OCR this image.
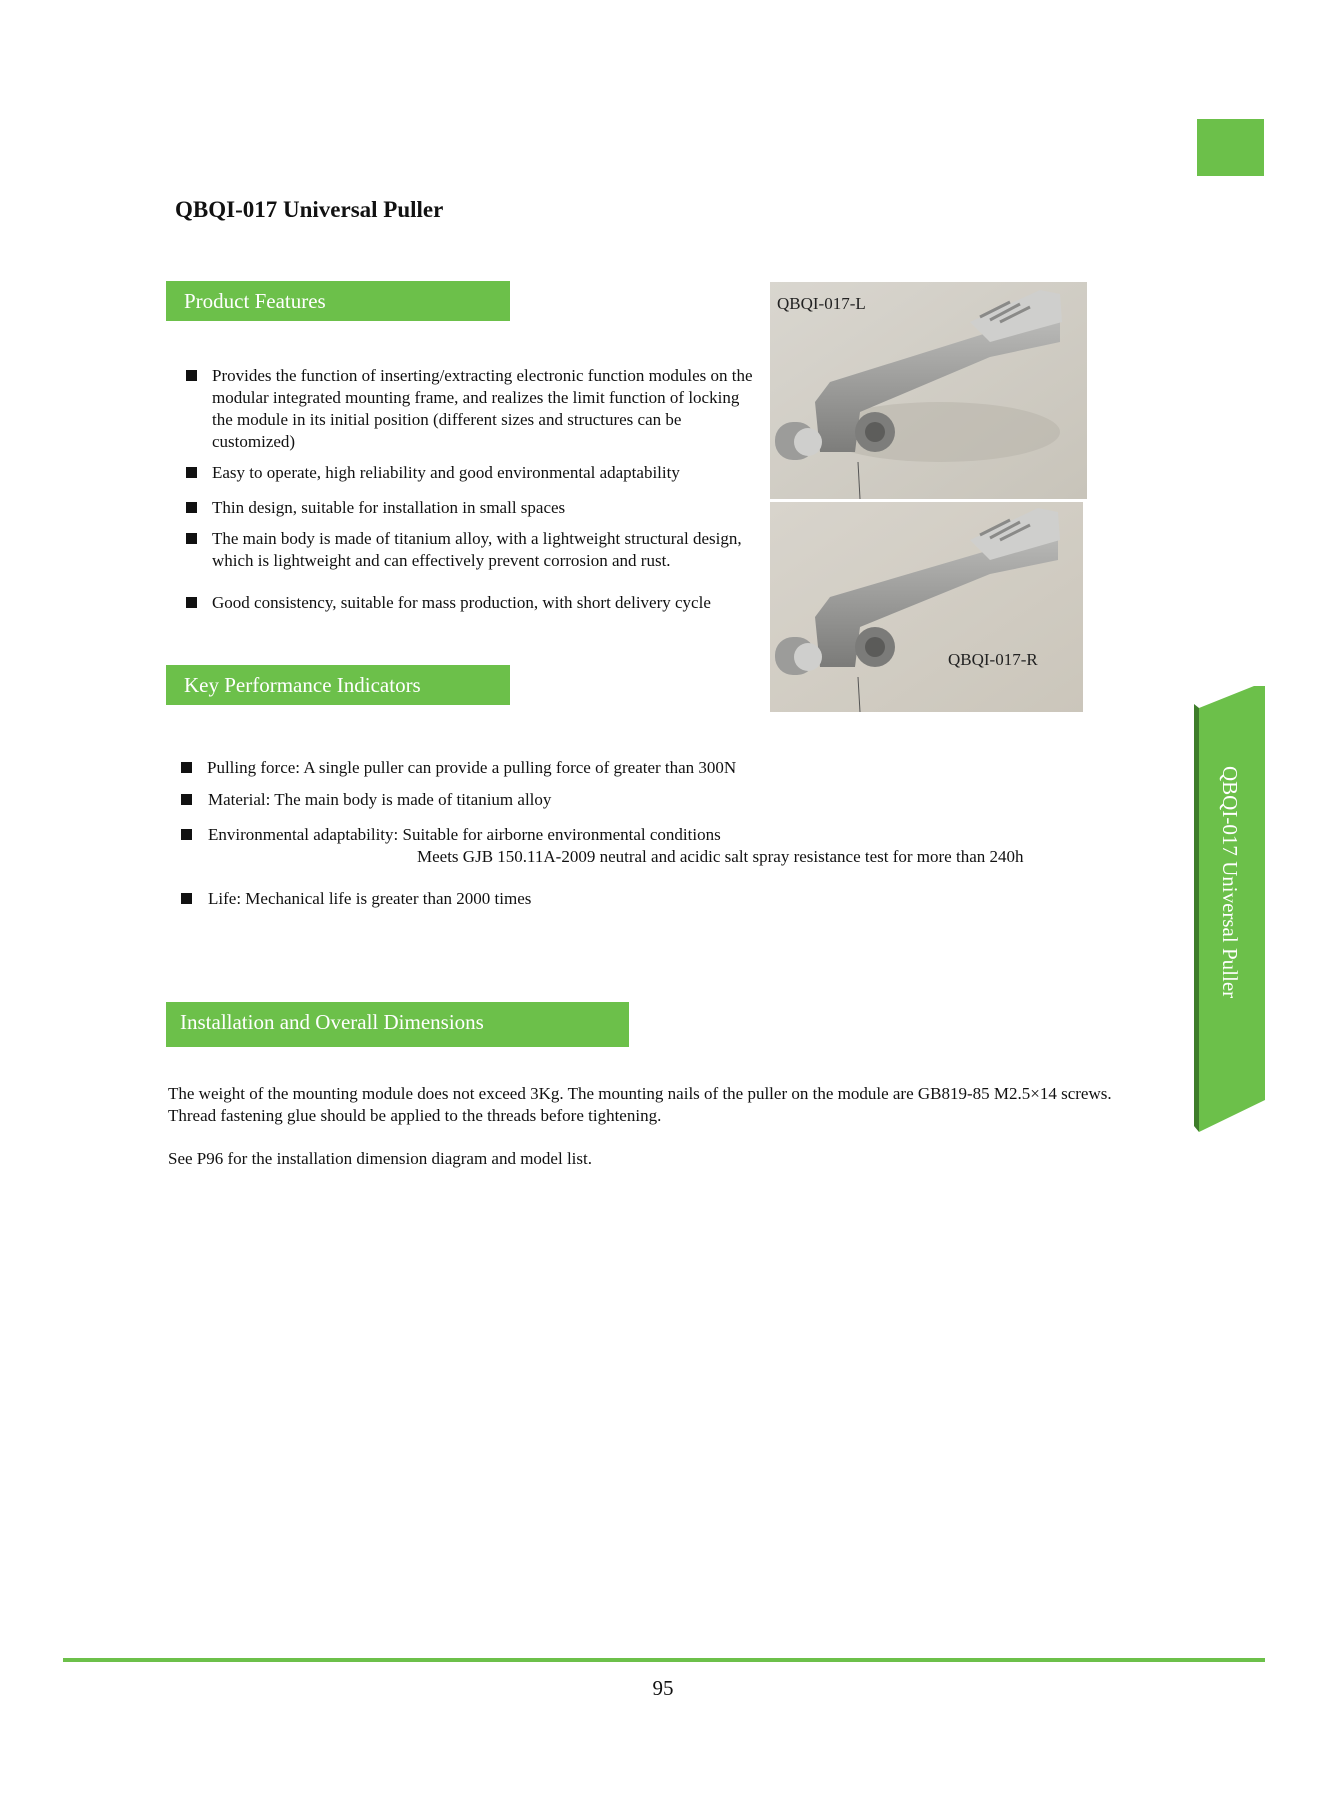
QBQI-017 Universal Puller
Product Features
Provides the function of inserting/extracting electronic function modules on the modular integrated mounting frame, and realizes the limit function of locking the module in its initial position (different sizes and structures can be customized)
Easy to operate, high reliability and good environmental adaptability
Thin design, suitable for installation in small spaces
The main body is made of titanium alloy, with a lightweight structural design, which is lightweight and can effectively prevent corrosion and rust.
Good consistency, suitable for mass production, with short delivery cycle
QBQI-017-L
QBQI-017-R
Key Performance Indicators
Pulling force: A single puller can provide a pulling force of greater than 300N
Material: The main body is made of titanium alloy
Environmental adaptability: Suitable for airborne environmental conditions
Meets GJB 150.11A-2009 neutral and acidic salt spray resistance test for more than 240h
Life: Mechanical life is greater than 2000 times
Installation and Overall Dimensions
The weight of the mounting module does not exceed 3Kg. The mounting nails of the puller on the module are GB819-85 M2.5×14 screws. Thread fastening glue should be applied to the threads before tightening.
See P96 for the installation dimension diagram and model list.
QBQI-017 Universal Puller
95
